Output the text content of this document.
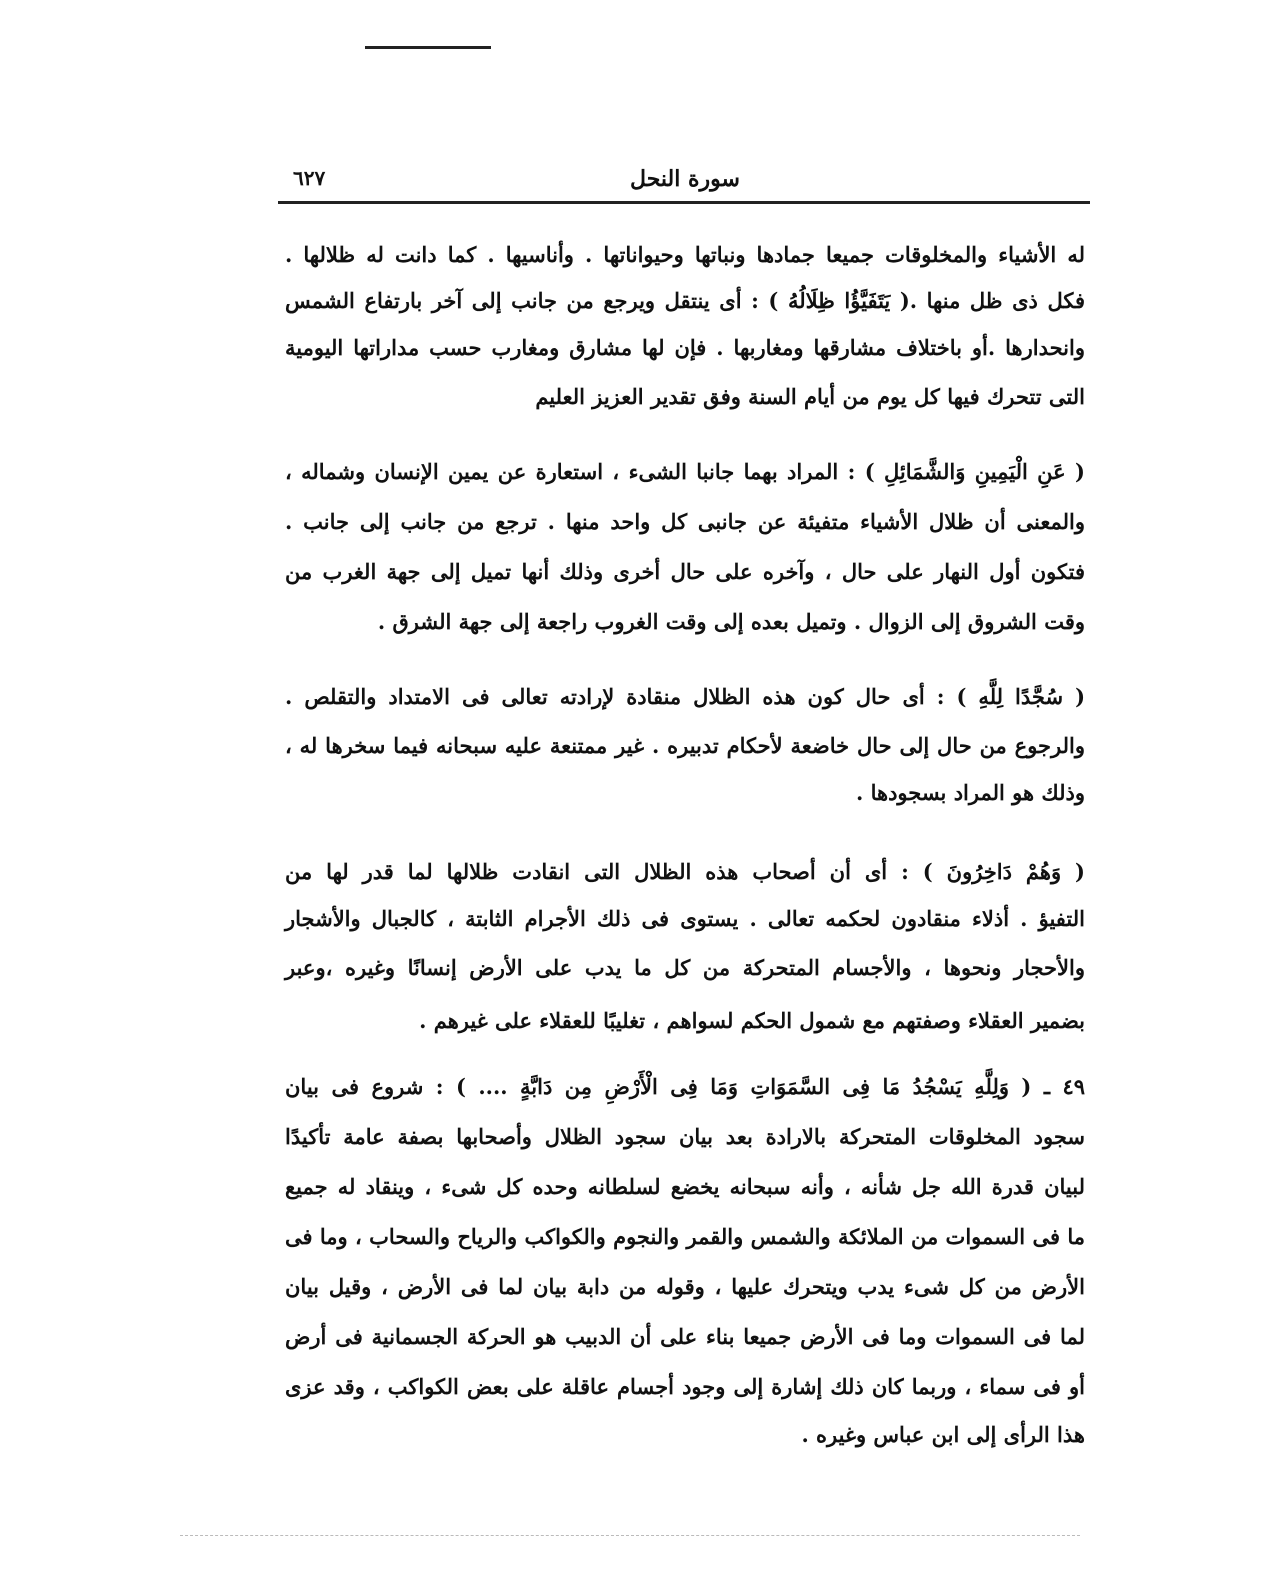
سورة النحل
٦٢٧
له الأشياء والمخلوقات جميعا جمادها ونباتها وحيواناتها . وأناسيها . كما دانت له ظلالها .
فكل ذى ظل منها .( يَتَفَيَّؤُا ظِلَالُهُ ) : أى ينتقل ويرجع من جانب إلى آخر بارتفاع الشمس
وانحدارها .أو باختلاف مشارقها ومغاربها . فإن لها مشارق ومغارب حسب مداراتها اليومية
التى تتحرك فيها كل يوم من أيام السنة وفق تقدير العزيز العليم
( عَنِ الْيَمِينِ وَالشَّمَائِلِ ) : المراد بهما جانبا الشىء ، استعارة عن يمين الإنسان وشماله ،
والمعنى أن ظلال الأشياء متفيئة عن جانبى كل واحد منها . ترجع من جانب إلى جانب .
فتكون أول النهار على حال ، وآخره على حال أخرى وذلك أنها تميل إلى جهة الغرب من
وقت الشروق إلى الزوال . وتميل بعده إلى وقت الغروب راجعة إلى جهة الشرق .
( سُجَّدًا لِلَّهِ ) : أى حال كون هذه الظلال منقادة لإرادته تعالى فى الامتداد والتقلص .
والرجوع من حال إلى حال خاضعة لأحكام تدبيره . غير ممتنعة عليه سبحانه فيما سخرها له ،
وذلك هو المراد بسجودها .
( وَهُمْ دَاخِرُونَ ) : أى أن أصحاب هذه الظلال التى انقادت ظلالها لما قدر لها من
التفيؤ . أذلاء منقادون لحكمه تعالى . يستوى فى ذلك الأجرام الثابتة ، كالجبال والأشجار
والأحجار ونحوها ، والأجسام المتحركة من كل ما يدب على الأرض إنسانًا وغيره ،وعبر
بضمير العقلاء وصفتهم مع شمول الحكم لسواهم ، تغليبًا للعقلاء على غيرهم .
٤٩ ـ ( وَلِلَّهِ يَسْجُدُ مَا فِى السَّمَوَاتِ وَمَا فِى الْأَرْضِ مِن دَابَّةٍ .... ) : شروع فى بيان
سجود المخلوقات المتحركة بالارادة بعد بيان سجود الظلال وأصحابها بصفة عامة تأكيدًا
لبيان قدرة الله جل شأنه ، وأنه سبحانه يخضع لسلطانه وحده كل شىء ، وينقاد له جميع
ما فى السموات من الملائكة والشمس والقمر والنجوم والكواكب والرياح والسحاب ، وما فى
الأرض من كل شىء يدب ويتحرك عليها ، وقوله من دابة بيان لما فى الأرض ، وقيل بيان
لما فى السموات وما فى الأرض جميعا بناء على أن الدبيب هو الحركة الجسمانية فى أرض
أو فى سماء ، وربما كان ذلك إشارة إلى وجود أجسام عاقلة على بعض الكواكب ، وقد عزى
هذا الرأى إلى ابن عباس وغيره .
